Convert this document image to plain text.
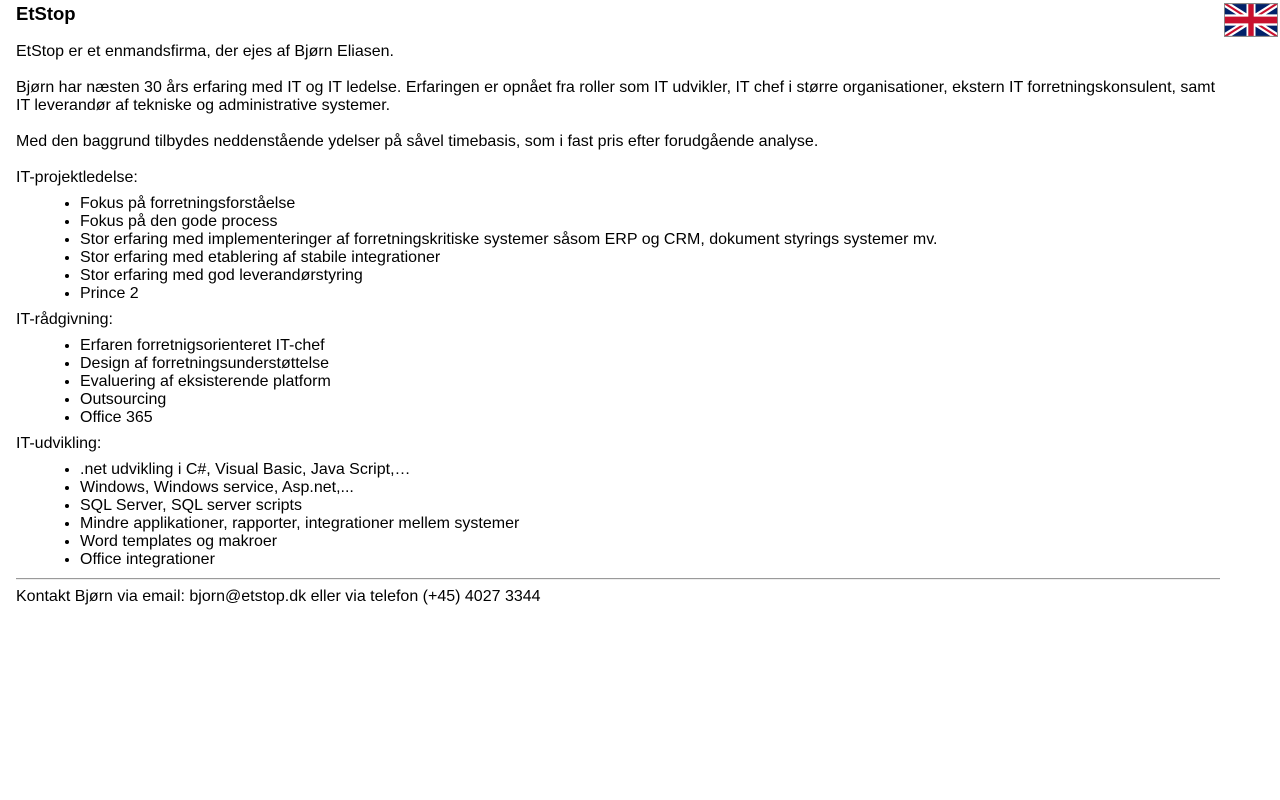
EtStop

EtStop er et enmandsfirma, der ejes af Bjørn Eliasen.

Bjørn har næsten 30 års erfaring med IT og IT ledelse. Erfaringen er opnået fra roller som IT udvikler, IT chef i større organisationer, ekstern IT forretningskonsulent, samt IT leverandør af tekniske og administrative systemer.

Med den baggrund tilbydes neddenstående ydelser på såvel timebasis, som i fast pris efter forudgående analyse.

IT-projektledelse:
• Fokus på forretningsforståelse
• Fokus på den gode process
• Stor erfaring med implementeringer af forretningskritiske systemer såsom ERP og CRM, dokument styrings systemer mv.
• Stor erfaring med etablering af stabile integrationer
• Stor erfaring med god leverandørstyring
• Prince 2
IT-rådgivning:
• Erfaren forretnigsorienteret IT-chef
• Design af forretningsunderstøttelse
• Evaluering af eksisterende platform
• Outsourcing
• Office 365
IT-udvikling:
• .net udvikling i C#, Visual Basic, Java Script,…
• Windows, Windows service, Asp.net,...
• SQL Server, SQL server scripts
• Mindre applikationer, rapporter, integrationer mellem systemer
• Word templates og makroer
• Office integrationer

Kontakt Bjørn via email: bjorn@etstop.dk eller via telefon (+45) 4027 3344
